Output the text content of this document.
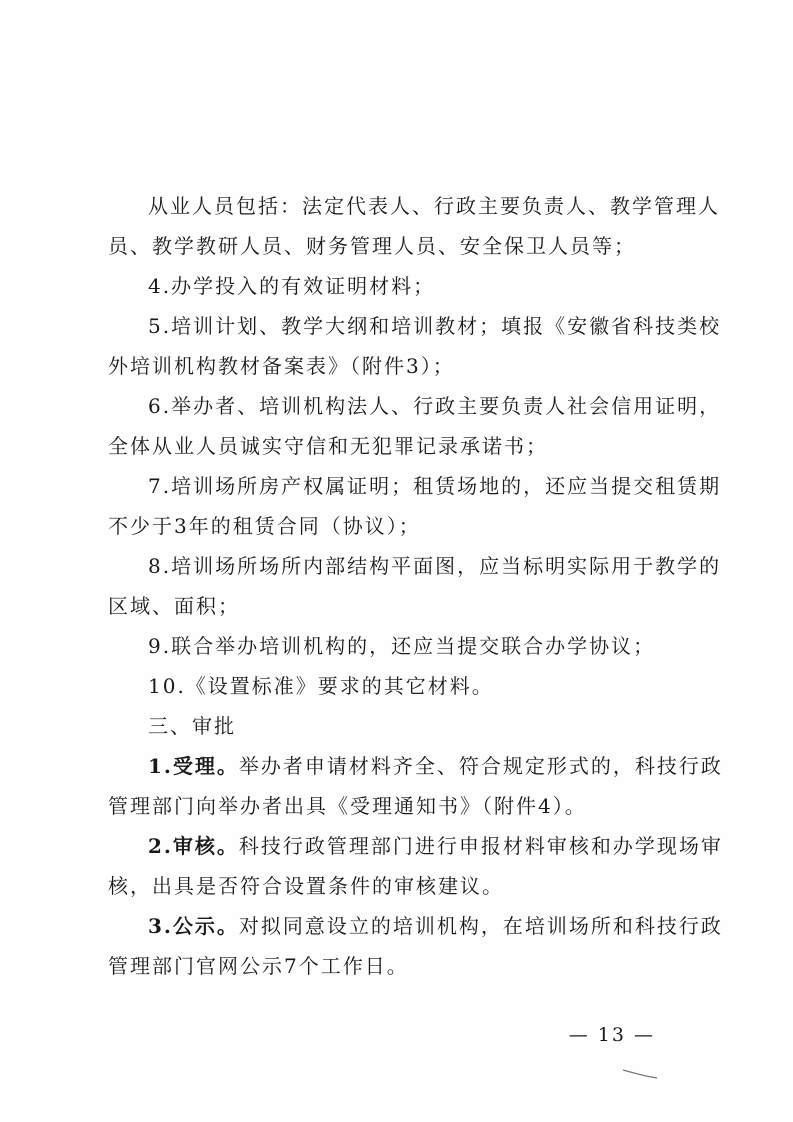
从业人员包括：法定代表人、行政主要负责人、教学管理人
员、教学教研人员、财务管理人员、安全保卫人员等；
4.办学投入的有效证明材料；
5.培训计划、教学大纲和培训教材；填报《安徽省科技类校
外培训机构教材备案表》（附件3）；
6.举办者、培训机构法人、行政主要负责人社会信用证明，
全体从业人员诚实守信和无犯罪记录承诺书；
7.培训场所房产权属证明；租赁场地的，还应当提交租赁期
不少于3年的租赁合同（协议）；
8.培训场所场所内部结构平面图，应当标明实际用于教学的
区域、面积；
9.联合举办培训机构的，还应当提交联合办学协议；
10.《设置标准》要求的其它材料。
三、审批
1.受理。举办者申请材料齐全、符合规定形式的，科技行政
管理部门向举办者出具《受理通知书》（附件4）。
2.审核。科技行政管理部门进行申报材料审核和办学现场审
核，出具是否符合设置条件的审核建议。
3.公示。对拟同意设立的培训机构，在培训场所和科技行政
管理部门官网公示7个工作日。
— 13 —
